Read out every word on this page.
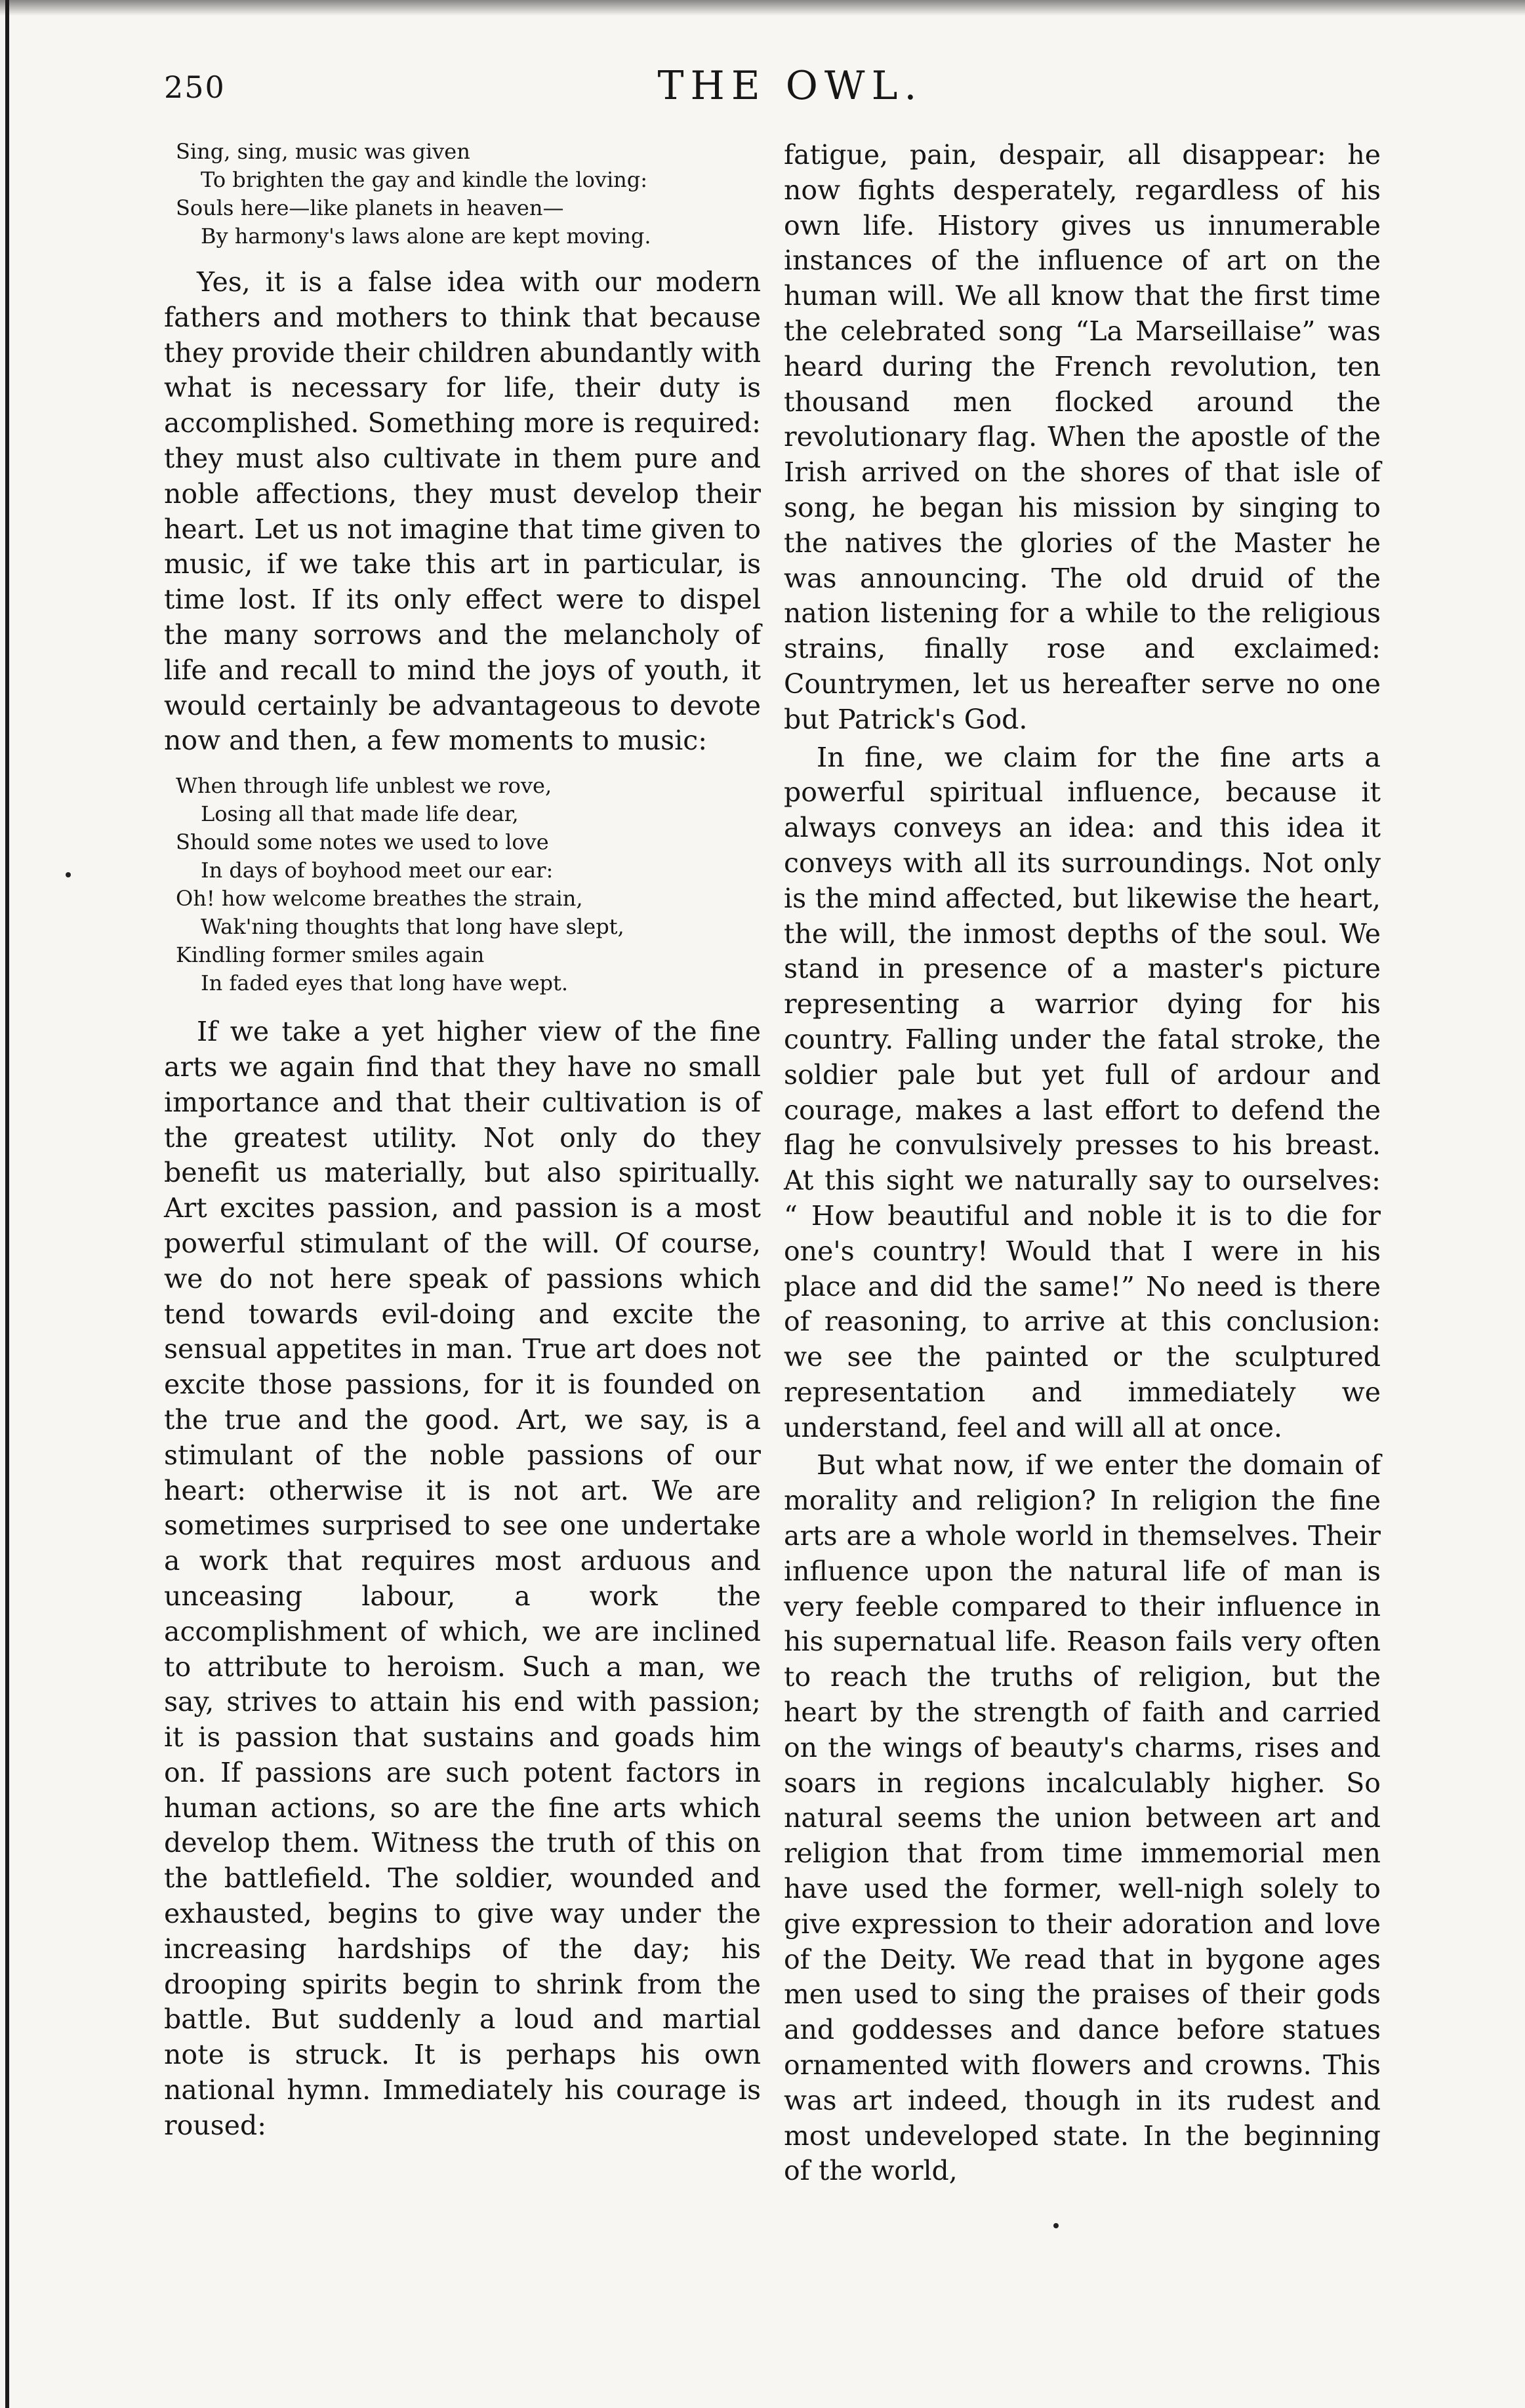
250	THE OWL.
Sing, sing, music was given
To brighten the gay and kindle the loving:
Souls here—like planets in heaven—
By harmony's laws alone are kept moving.

Yes, it is a false idea with our modern fathers and mothers to think that because they provide their children abundantly with what is necessary for life, their duty is accomplished. Something more is required: they must also cultivate in them pure and noble affections, they must develop their heart. Let us not imagine that time given to music, if we take this art in particular, is time lost. If its only effect were to dispel the many sorrows and the melancholy of life and recall to mind the joys of youth, it would certainly be advantageous to devote now and then, a few moments to music:

When through life unblest we rove,
Losing all that made life dear,
Should some notes we used to love
In days of boyhood meet our ear:
Oh! how welcome breathes the strain,
Wak'ning thoughts that long have slept,
Kindling former smiles again
In faded eyes that long have wept.

If we take a yet higher view of the fine arts we again find that they have no small importance and that their cultivation is of the greatest utility. Not only do they benefit us materially, but also spiritually. Art excites passion, and passion is a most powerful stimulant of the will. Of course, we do not here speak of passions which tend towards evil-doing and excite the sensual appetites in man. True art does not excite those passions, for it is founded on the true and the good. Art, we say, is a stimulant of the noble passions of our heart: otherwise it is not art. We are sometimes surprised to see one undertake a work that requires most arduous and unceasing labour, a work the accomplishment of which, we are inclined to attribute to heroism. Such a man, we say, strives to attain his end with passion; it is passion that sustains and goads him on. If passions are such potent factors in human actions, so are the fine arts which develop them. Witness the truth of this on the battlefield. The soldier, wounded and exhausted, begins to give way under the increasing hardships of the day; his drooping spirits begin to shrink from the battle. But suddenly a loud and martial note is struck. It is perhaps his own national hymn. Immediately his courage is roused:

fatigue, pain, despair, all disappear: he now fights desperately, regardless of his own life. History gives us innumerable instances of the influence of art on the human will. We all know that the first time the celebrated song “La Marseillaise” was heard during the French revolution, ten thousand men flocked around the revolutionary flag. When the apostle of the Irish arrived on the shores of that isle of song, he began his mission by singing to the natives the glories of the Master he was announcing. The old druid of the nation listening for a while to the religious strains, finally rose and exclaimed: Countrymen, let us hereafter serve no one but Patrick's God.

In fine, we claim for the fine arts a powerful spiritual influence, because it always conveys an idea: and this idea it conveys with all its surroundings. Not only is the mind affected, but likewise the heart, the will, the inmost depths of the soul. We stand in presence of a master's picture representing a warrior dying for his country. Falling under the fatal stroke, the soldier pale but yet full of ardour and courage, makes a last effort to defend the flag he convulsively presses to his breast. At this sight we naturally say to ourselves: “ How beautiful and noble it is to die for one's country! Would that I were in his place and did the same!” No need is there of reasoning, to arrive at this conclusion: we see the painted or the sculptured representation and immediately we understand, feel and will all at once.

But what now, if we enter the domain of morality and religion? In religion the fine arts are a whole world in themselves. Their influence upon the natural life of man is very feeble compared to their influence in his supernatual life. Reason fails very often to reach the truths of religion, but the heart by the strength of faith and carried on the wings of beauty's charms, rises and soars in regions incalculably higher. So natural seems the union between art and religion that from time immemorial men have used the former, well-nigh solely to give expression to their adoration and love of the Deity. We read that in bygone ages men used to sing the praises of their gods and goddesses and dance before statues ornamented with flowers and crowns. This was art indeed, though in its rudest and most undeveloped state. In the beginning of the world,
